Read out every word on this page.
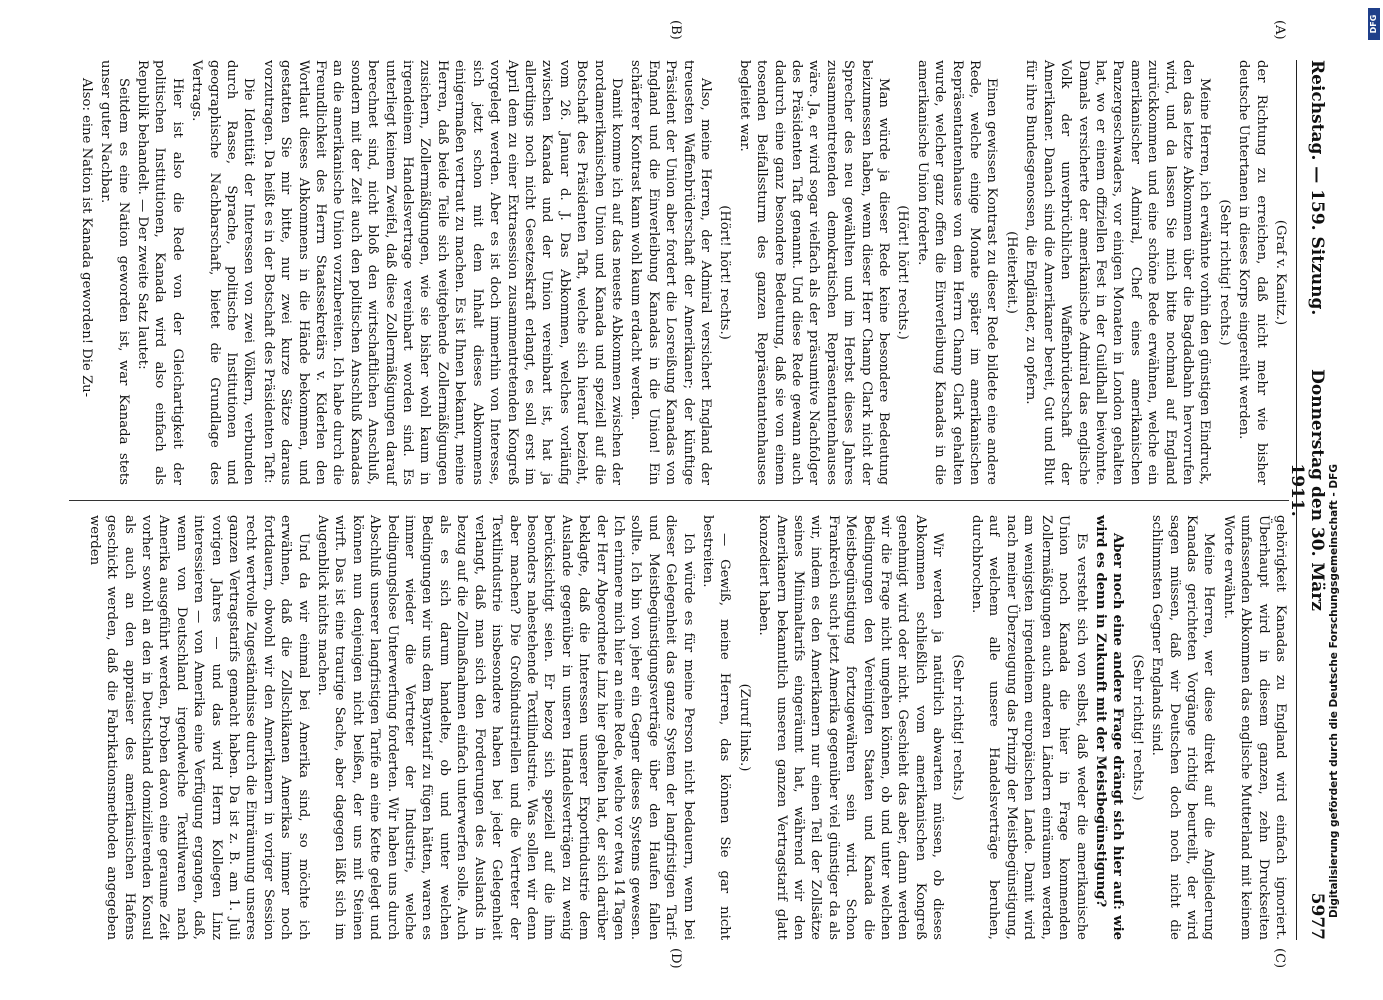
Reichstag. — 159. Sitzung.
Donnerstag den 30. März 1911.
5977
(A)
(B)
(C)
(D)

(Graf v. Kanitz.)

der Richtung zu erreichen, daß nicht mehr wie bisher deutsche Untertanen in dieses Korps eingereiht werden.

(Sehr richtig! rechts.)

Meine Herren, ich erwähnte vorhin den günstigen Eindruck, den das letzte Abkommen über die Bagdadbahn hervorrufen wird, und da lassen Sie mich bitte nochmal auf England zurückkommen und eine schöne Rede erwähnen, welche ein amerikanischer Admiral, Chef eines amerikanischen Panzergeschwaders, vor einigen Monaten in London gehalten hat, wo er einem offiziellen Fest in der Guildhall beiwohnte. Damals versicherte der amerikanische Admiral das englische Volk der unverbrüchlichen Waffenbrüderschaft der Amerikaner. Danach sind die Amerikaner bereit, Gut und Blut für ihre Bundesgenossen, die Engländer, zu opfern.

(Heiterkeit.)

Einen gewissen Kontrast zu dieser Rede bildete eine andere Rede, welche einige Monate später im amerikanischen Repräsentantenhause von dem Herrn Champ Clark gehalten wurde, welcher ganz offen die Einverleibung Kanadas in die amerikanische Union forderte.

(Hört! hört! rechts.)

Man würde ja dieser Rede keine besondere Bedeutung beizumessen haben, wenn dieser Herr Champ Clark nicht der Sprecher des neu gewählten und im Herbst dieses Jahres zusammentretenden demokratischen Repräsentantenhauses wäre. Ja, er wird sogar vielfach als der präsumtive Nachfolger des Präsidenten Taft genannt. Und diese Rede gewann auch dadurch eine ganz besondere Bedeutung, daß sie von einem tosenden Beifallssturm des ganzen Repräsentantenhauses begleitet war.

(Hört! hört! rechts.)

Also, meine Herren, der Admiral versichert England der treuesten Waffenbrüderschaft der Amerikaner; der künftige Präsident der Union aber fordert die Losreißung Kanadas von England und die Einverleibung Kanadas in die Union! Ein schärferer Kontrast kann wohl kaum erdacht werden.

Damit komme ich auf das neueste Abkommen zwischen der nordamerikanischen Union und Kanada und speziell auf die Botschaft des Präsidenten Taft, welche sich hierauf bezieht, vom 26. Januar d. J. Das Abkommen, welches vorläufig zwischen Kanada und der Union vereinbart ist, hat ja allerdings noch nicht Gesetzeskraft erlangt, es soll erst im April dem zu einer Extrasession zusammentretenden Kongreß vorgelegt werden. Aber es ist doch immerhin von Interesse, sich jetzt schon mit dem Inhalt dieses Abkommens einigermaßen vertraut zu machen. Es ist Ihnen bekannt, meine Herren, daß beide Teile sich weitgehende Zollermäßigungen zusichern, Zollermäßigungen, wie sie bisher wohl kaum in irgendeinem Handelsvertrage vereinbart worden sind. Es unterliegt keinem Zweifel, daß diese Zollermäßigungen darauf berechnet sind, nicht bloß den wirtschaftlichen Anschluß, sondern mit der Zeit auch den politischen Anschluß Kanadas an die amerikanische Union vorzubereiten. Ich habe durch die Freundlichkeit des Herrn Staatssekretärs v. Kiderlen den Wortlaut dieses Abkommens in die Hände bekommen, und gestatten Sie mir bitte, nur zwei kurze Sätze daraus vorzutragen. Da heißt es in der Botschaft des Präsidenten Taft:

Die Identität der Interessen von zwei Völkern, verbunden durch Rasse, Sprache, politische Institutionen und geographische Nachbarschaft, bietet die Grundlage des Vertrags.

Hier ist also die Rede von der Gleichartigkeit der politischen Institutionen, Kanada wird also einfach als Republik behandelt. — Der zweite Satz lautet:

Seitdem es eine Nation geworden ist, war Kanada stets unser guter Nachbar.

Also: eine Nation ist Kanada geworden! Die Zu-

gehörigkeit Kanadas zu England wird einfach ignoriert. Überhaupt wird in diesem ganzen, zehn Druckseiten umfassenden Abkommen das englische Mutterland mit keinem Worte erwähnt.

Meine Herren, wer diese direkt auf die Angliederung Kanadas gerichteten Vorgänge richtig beurteilt, der wird sagen müssen, daß wir Deutschen doch noch nicht die schlimmsten Gegner Englands sind.

(Sehr richtig! rechts.)

Aber noch eine andere Frage drängt sich hier auf: wie wird es denn in Zukunft mit der Meistbegünstigung?

Es versteht sich von selbst, daß weder die amerikanische Union noch Kanada die hier in Frage kommenden Zollermäßigungen auch anderen Ländern einräumen werden, am wenigsten irgendeinem europäischen Lande. Damit wird nach meiner Überzeugung das Prinzip der Meistbegünstigung, auf welchem alle unsere Handelsverträge beruhen, durchbrochen.

(Sehr richtig! rechts.)

Wir werden ja natürlich abwarten müssen, ob dieses Abkommen schließlich vom amerikanischen Kongreß genehmigt wird oder nicht. Geschieht das aber, dann werden wir die Frage nicht umgehen können, ob und unter welchen Bedingungen den Vereinigten Staaten und Kanada die Meistbegünstigung fortzugewähren sein wird. Schon Frankreich sucht jetzt Amerika gegenüber viel günstiger da als wir, indem es den Amerikanern nur einen Teil der Zollsätze seines Minimaltarifs eingeräumt hat, während wir den Amerikanern bekanntlich unseren ganzen Vertragstarif glatt konzediert haben.

(Zuruf links.)

— Gewiß, meine Herren, das können Sie gar nicht bestreiten.

Ich würde es für meine Person nicht bedauern, wenn bei dieser Gelegenheit das ganze System der langfristigen Tarif- und Meistbegünstigungsverträge über den Haufen fallen sollte. Ich bin von jeher ein Gegner dieses Systems gewesen. Ich erinnere mich hier an eine Rede, welche vor etwa 14 Tagen der Herr Abgeordnete Linz hier gehalten hat, der sich darüber beklagte, daß die Interessen unserer Exportindustrie dem Auslande gegenüber in unseren Handelsverträgen zu wenig berücksichtigt seien. Er bezog sich speziell auf die ihm besonders nahestehende Textilindustrie. Was sollen wir denn aber machen? Die Großindustriellen und die Vertreter der Textilindustrie insbesondere haben bei jeder Gelegenheit verlangt, daß man sich den Forderungen des Auslands in bezug auf die Zollmaßnahmen einfach unterwerfen solle. Auch als es sich darum handelte, ob und unter welchen Bedingungen wir uns dem Bayntarif zu fügen hätten, waren es immer wieder die Vertreter der Industrie, welche bedingungslose Unterwerfung forderten. Wir haben uns durch Abschluß unserer langfristigen Tarife an eine Kette gelegt und können nun denjenigen nicht beißen, der uns mit Steinen wirft. Das ist eine traurige Sache, aber dagegen läßt sich im Augenblick nichts machen.

Und da wir einmal bei Amerika sind, so möchte ich erwähnen, daß die Zollschikanen Amerikas immer noch fortdauern, obwohl wir den Amerikanern in voriger Session recht wertvolle Zugeständnisse durch die Einräumung unseres ganzen Vertragstarifs gemacht haben. Da ist z. B. am 1. Juli vorigen Jahres — und das wird Herrn Kollegen Linz interessieren — von Amerika eine Verfügung ergangen, daß, wenn von Deutschland irgendwelche Textilwaren nach Amerika ausgeführt werden, Proben davon eine geraume Zeit vorher sowohl an den in Deutschland domizilierenden Konsul als auch an den appraiser des amerikanischen Hafens geschickt werden, daß die Fabrikationsmethoden angegeben werden	Digitalisierung gefördert durch die Deutsche Forschungsgemeinschaft - DFG
DFG
